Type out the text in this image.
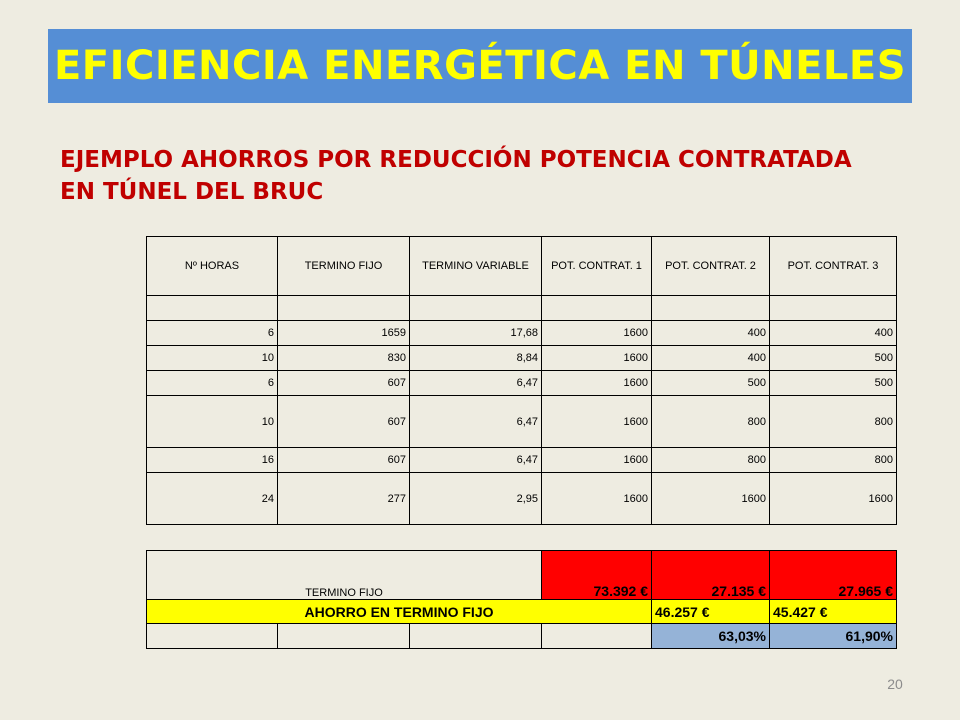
EFICIENCIA ENERGÉTICA EN TÚNELES

EJEMPLO AHORROS POR REDUCCIÓN POTENCIA CONTRATADA
EN TÚNEL DEL BRUC

Nº HORAS	TERMINO FIJO	TERMINO VARIABLE	POT. CONTRAT. 1	POT. CONTRAT. 2	POT. CONTRAT. 3

6	1659	17,68	1600	400	400
10	830	8,84	1600	400	500
6	607	6,47	1600	500	500
10	607	6,47	1600	800	800
16	607	6,47	1600	800	800
24	277	2,95	1600	1600	1600
TERMINO FIJO			73.392 €	27.135 €	27.965 €
AHORRO EN TERMINO FIJO				46.257 €	45.427 €
				63,03%	61,90%
20
